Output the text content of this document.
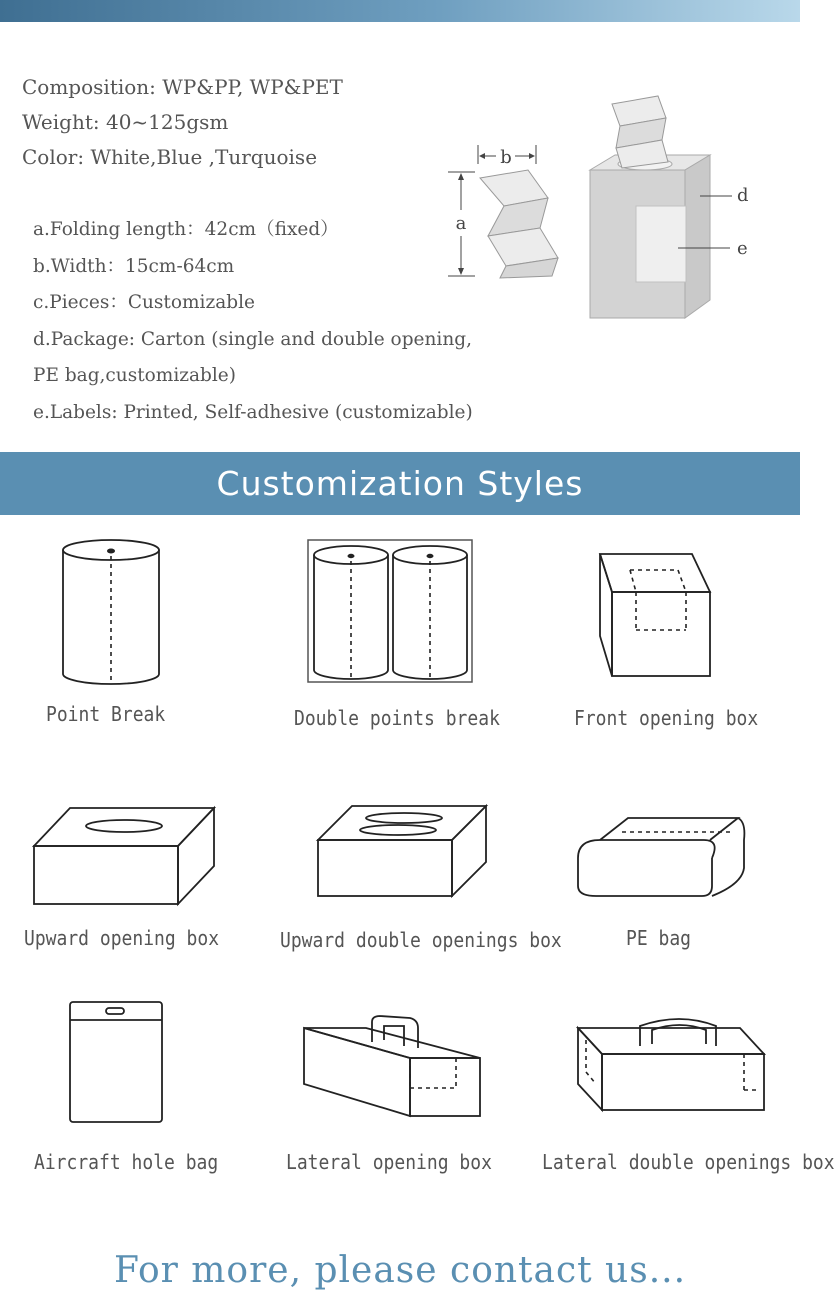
Composition: WP&PP, WP&PET
Weight: 40~125gsm
Color: White,Blue ,Turquoise
a.Folding length：42cm（fixed）
b.Width：15cm-64cm
c.Pieces：Customizable
d.Package: Carton (single and double opening,
PE bag,customizable)
e.Labels: Printed, Self-adhesive (customizable)
b
a
d
e
Customization Styles
Point Break	Double points break	Front opening box
Upward opening box	Upward double openings box	PE bag
Aircraft hole bag	Lateral opening box	Lateral double openings box
For more, please contact us...
